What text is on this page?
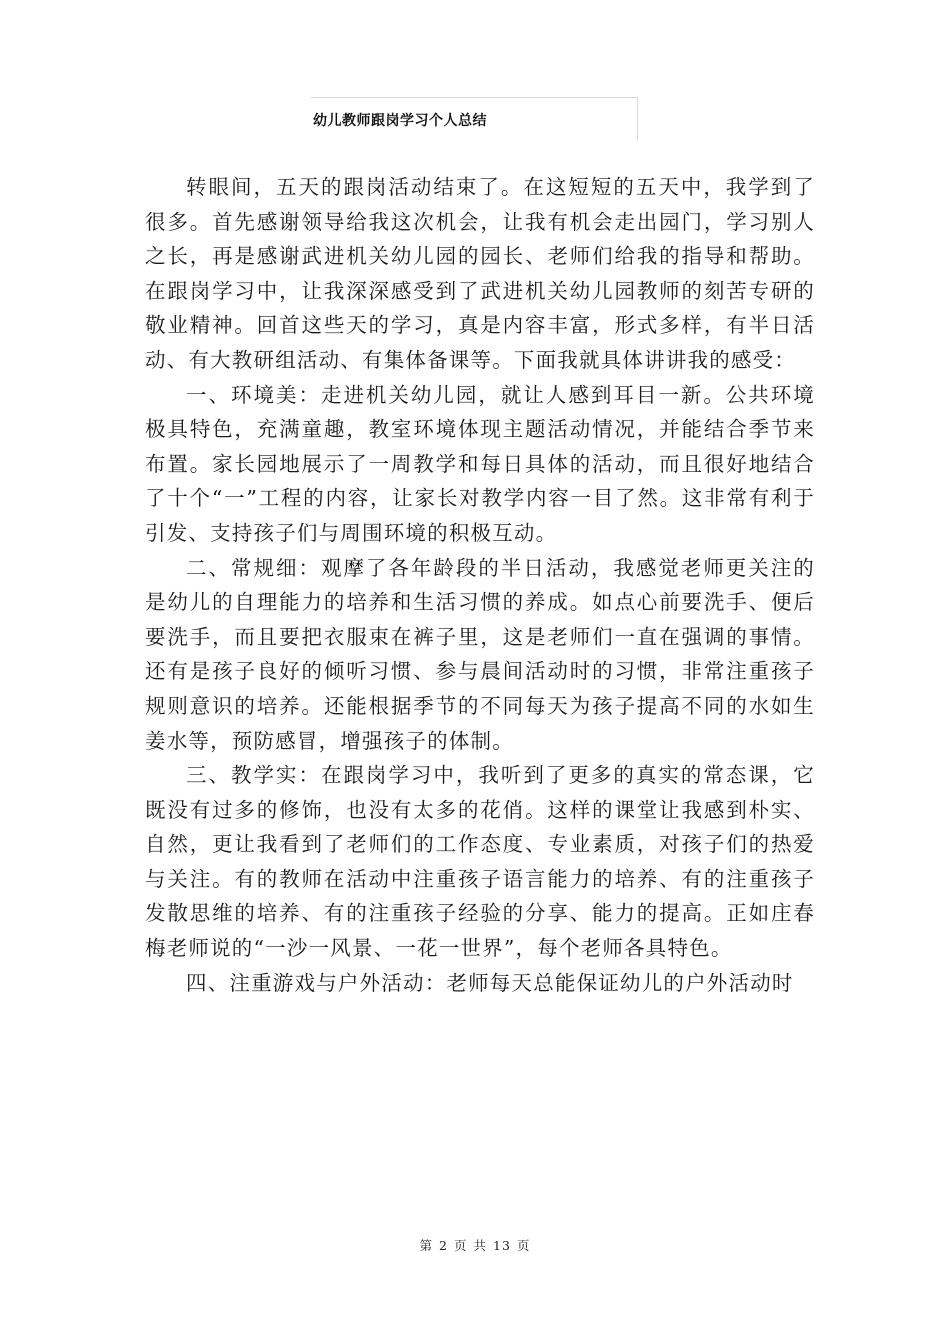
幼儿教师跟岗学习个人总结

转眼间，五天的跟岗活动结束了。在这短短的五天中，我学到了很多。首先感谢领导给我这次机会，让我有机会走出园门，学习别人之长，再是感谢武进机关幼儿园的园长、老师们给我的指导和帮助。在跟岗学习中，让我深深感受到了武进机关幼儿园教师的刻苦专研的敬业精神。回首这些天的学习，真是内容丰富，形式多样，有半日活动、有大教研组活动、有集体备课等。下面我就具体讲讲我的感受：

一、环境美：走进机关幼儿园，就让人感到耳目一新。公共环境极具特色，充满童趣，教室环境体现主题活动情况，并能结合季节来布置。家长园地展示了一周教学和每日具体的活动，而且很好地结合了十个“一”工程的内容，让家长对教学内容一目了然。这非常有利于引发、支持孩子们与周围环境的积极互动。

二、常规细：观摩了各年龄段的半日活动，我感觉老师更关注的是幼儿的自理能力的培养和生活习惯的养成。如点心前要洗手、便后要洗手，而且要把衣服束在裤子里，这是老师们一直在强调的事情。还有是孩子良好的倾听习惯、参与晨间活动时的习惯，非常注重孩子规则意识的培养。还能根据季节的不同每天为孩子提高不同的水如生姜水等，预防感冒，增强孩子的体制。

三、教学实：在跟岗学习中，我听到了更多的真实的常态课，它既没有过多的修饰，也没有太多的花俏。这样的课堂让我感到朴实、自然，更让我看到了老师们的工作态度、专业素质，对孩子们的热爱与关注。有的教师在活动中注重孩子语言能力的培养、有的注重孩子发散思维的培养、有的注重孩子经验的分享、能力的提高。正如庄春梅老师说的“一沙一风景、一花一世界”，每个老师各具特色。

四、注重游戏与户外活动：老师每天总能保证幼儿的户外活动时

第 2 页 共 13 页
